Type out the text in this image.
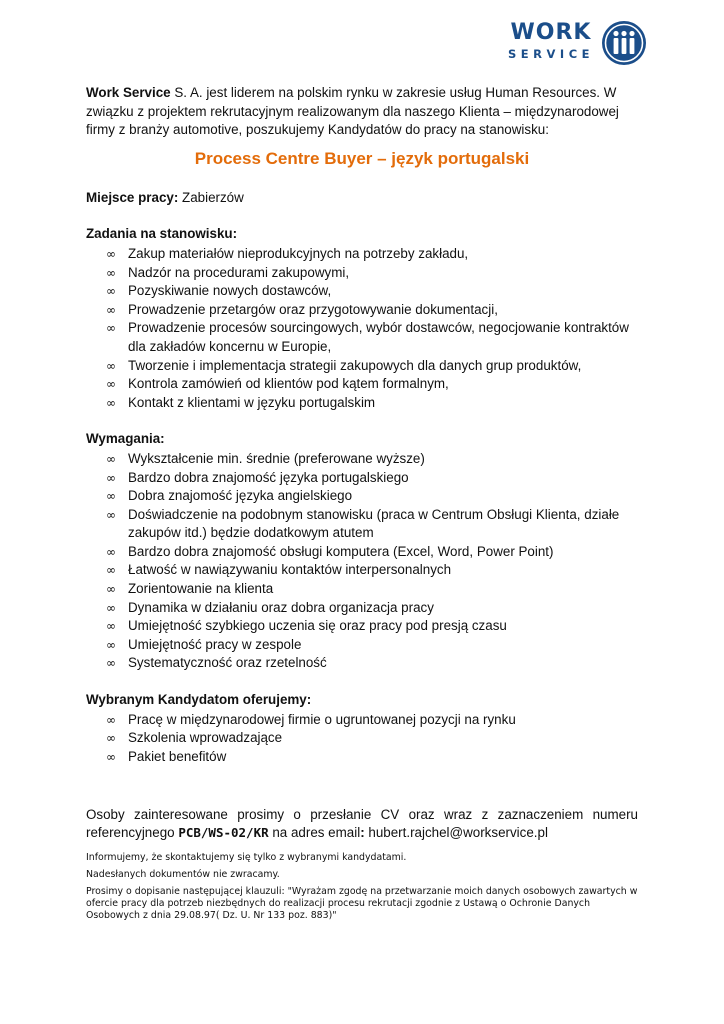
WORK
SERVICE

Work Service S. A. jest liderem na polskim rynku w zakresie usług Human Resources. W związku z projektem rekrutacyjnym realizowanym dla naszego Klienta – międzynarodowej firmy z branży automotive, poszukujemy Kandydatów do pracy na stanowisku:

Process Centre Buyer – język portugalski

Miejsce pracy: Zabierzów

Zadania na stanowisku:
∞ Zakup materiałów nieprodukcyjnych na potrzeby zakładu,
∞ Nadzór na procedurami zakupowymi,
∞ Pozyskiwanie nowych dostawców,
∞ Prowadzenie przetargów oraz przygotowywanie dokumentacji,
∞ Prowadzenie procesów sourcingowych, wybór dostawców, negocjowanie kontraktów dla zakładów koncernu w Europie,
∞ Tworzenie i implementacja strategii zakupowych dla danych grup produktów,
∞ Kontrola zamówień od klientów pod kątem formalnym,
∞ Kontakt z klientami w języku portugalskim
Wymagania:
∞ Wykształcenie min. średnie (preferowane wyższe)
∞ Bardzo dobra znajomość języka portugalskiego
∞ Dobra znajomość języka angielskiego
∞ Doświadczenie na podobnym stanowisku (praca w Centrum Obsługi Klienta, działe zakupów itd.) będzie dodatkowym atutem
∞ Bardzo dobra znajomość obsługi komputera (Excel, Word, Power Point)
∞ Łatwość w nawiązywaniu kontaktów interpersonalnych
∞ Zorientowanie na klienta
∞ Dynamika w działaniu oraz dobra organizacja pracy
∞ Umiejętność szybkiego uczenia się oraz pracy pod presją czasu
∞ Umiejętność pracy w zespole
∞ Systematyczność oraz rzetelność
Wybranym Kandydatom oferujemy:
∞ Pracę w międzynarodowej firmie o ugruntowanej pozycji na rynku
∞ Szkolenia wprowadzające
∞ Pakiet benefitów
Osoby zainteresowane prosimy o przesłanie CV oraz wraz z zaznaczeniem numeru referencyjnego PCB/WS-02/KR na adres email: hubert.rajchel@workservice.pl
Informujemy, że skontaktujemy się tylko z wybranymi kandydatami.
Nadesłanych dokumentów nie zwracamy.
Prosimy o dopisanie następującej klauzuli: "Wyrażam zgodę na przetwarzanie moich danych osobowych zawartych w ofercie pracy dla potrzeb niezbędnych do realizacji procesu rekrutacji zgodnie z Ustawą o Ochronie Danych Osobowych z dnia 29.08.97( Dz. U. Nr 133 poz. 883)"
